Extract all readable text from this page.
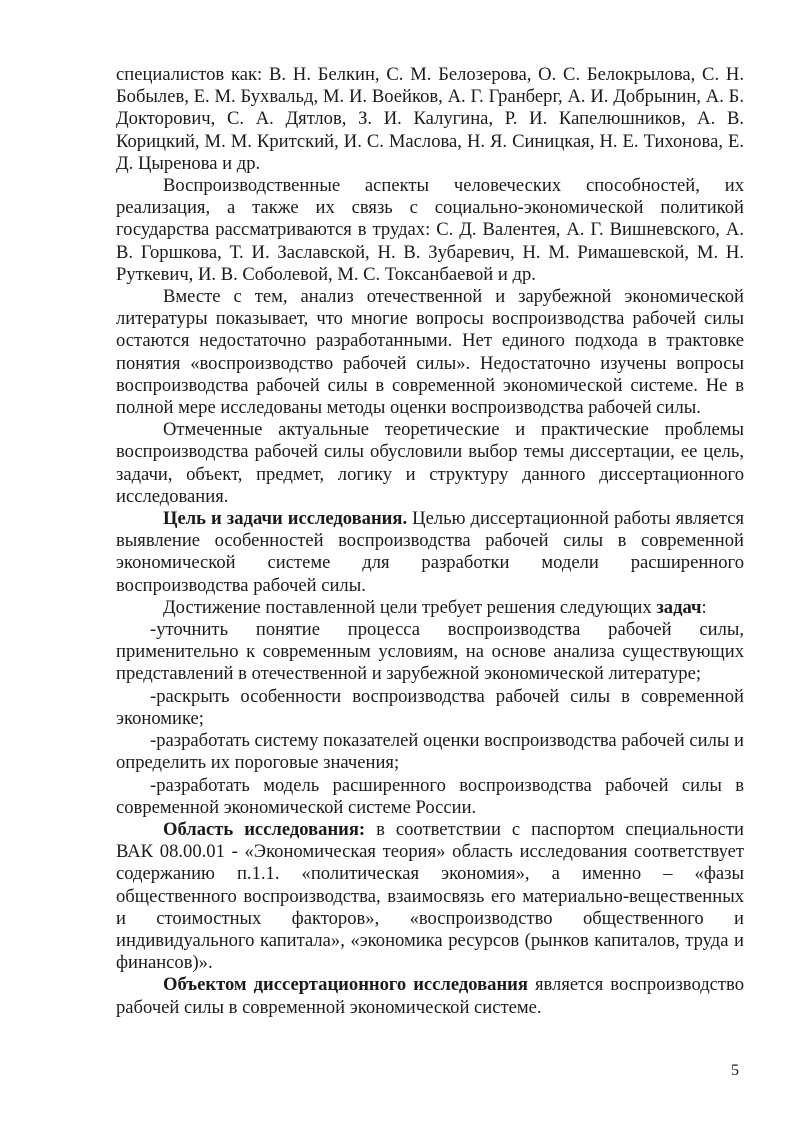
специалистов как: В. Н. Белкин, С. М. Белозерова, О. С. Белокрылова, С. Н. Бобылев, Е. М. Бухвальд, М. И. Воейков, А. Г. Гранберг, А. И. Добрынин, А. Б. Докторович, С. А. Дятлов, З. И. Калугина, Р. И. Капелюшников, А. В. Корицкий, М. М. Критский, И. С. Маслова, Н. Я. Синицкая, Н. Е. Тихонова, Е. Д. Цыренова и др.

Воспроизводственные аспекты человеческих способностей, их реализация, а также их связь с социально-экономической политикой государства рассматриваются в трудах: С. Д. Валентея, А. Г. Вишневского, А. В. Горшкова, Т. И. Заславской, Н. В. Зубаревич, Н. М. Римашевской, М. Н. Руткевич, И. В. Соболевой, М. С. Токсанбаевой и др.

Вместе с тем, анализ отечественной и зарубежной экономической литературы показывает, что многие вопросы воспроизводства рабочей силы остаются недостаточно разработанными. Нет единого подхода в трактовке понятия «воспроизводство рабочей силы». Недостаточно изучены вопросы воспроизводства рабочей силы в современной экономической системе. Не в полной мере исследованы методы оценки воспроизводства рабочей силы.

Отмеченные актуальные теоретические и практические проблемы воспроизводства рабочей силы обусловили выбор темы диссертации, ее цель, задачи, объект, предмет, логику и структуру данного диссертационного исследования.

Цель и задачи исследования. Целью диссертационной работы является выявление особенностей воспроизводства рабочей силы в современной экономической системе для разработки модели расширенного воспроизводства рабочей силы.

Достижение поставленной цели требует решения следующих задач:

-уточнить понятие процесса воспроизводства рабочей силы, применительно к современным условиям, на основе анализа существующих представлений в отечественной и зарубежной экономической литературе;

-раскрыть особенности воспроизводства рабочей силы в современной экономике;

-разработать систему показателей оценки воспроизводства рабочей силы и определить их пороговые значения;

-разработать модель расширенного воспроизводства рабочей силы в современной экономической системе России.

Область исследования: в соответствии с паспортом специальности ВАК 08.00.01 - «Экономическая теория» область исследования соответствует содержанию п.1.1. «политическая экономия», а именно – «фазы общественного воспроизводства, взаимосвязь его материально-вещественных и стоимостных факторов», «воспроизводство общественного и индивидуального капитала», «экономика ресурсов (рынков капиталов, труда и финансов)».

Объектом диссертационного исследования является воспроизводство рабочей силы в современной экономической системе.

5
